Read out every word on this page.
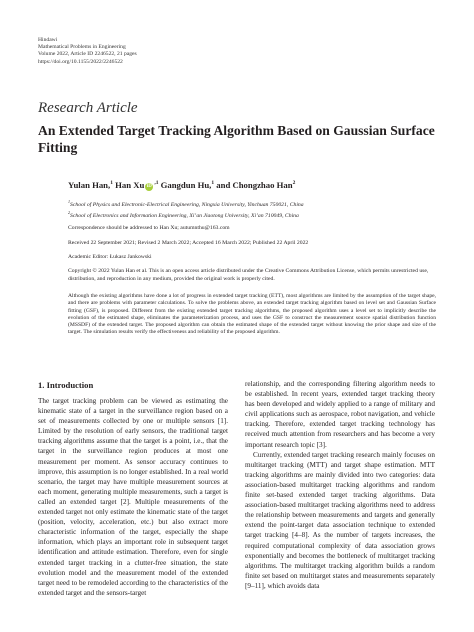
Hindawi
Mathematical Problems in Engineering
Volume 2022, Article ID 2246522, 21 pages
https://doi.org/10.1155/2022/2246522
Research Article
An Extended Target Tracking Algorithm Based on Gaussian Surface Fitting
Yulan Han,$^1$ Han Xu $iD^{,1}$ Gangdun Hu,$^1$ and Chongzhao Han$^2$
$^1$School of Physics and Electronic-Electrical Engineering, Ningxia University, Yinchuan 750021, China
$^2$School of Electronics and Information Engineering, Xi’an Jiaotong University, Xi’an 710049, China
Correspondence should be addressed to Han Xu; autumnthu@163.com
Received 22 September 2021; Revised 2 March 2022; Accepted 16 March 2022; Published 22 April 2022
Academic Editor: Łukasz Jankowski
Copyright © 2022 Yulan Han et al. This is an open access article distributed under the Creative Commons Attribution License, which permits unrestricted use, distribution, and reproduction in any medium, provided the original work is properly cited.
Although the existing algorithms have done a lot of progress in extended target tracking (ETT), most algorithms are limited by the assumption of the target shape, and there are problems with parameter calculations. To solve the problems above, an extended target tracking algorithm based on level set and Gaussian Surface fitting (GSF), is proposed. Different from the existing extended target tracking algorithms, the proposed algorithm uses a level set to implicitly describe the evolution of the estimated shape, eliminates the parameterization process, and uses the GSF to construct the measurement source spatial distribution function (MSSDF) of the extended target. The proposed algorithm can obtain the estimated shape of the extended target without knowing the prior shape and size of the target. The simulation results verify the effectiveness and reliability of the proposed algorithm.
1. Introduction

The target tracking problem can be viewed as estimating the kinematic state of a target in the surveillance region based on a set of measurements collected by one or multiple sensors [1]. Limited by the resolution of early sensors, the traditional target tracking algorithms assume that the target is a point, i.e., that the target in the surveillance region produces at most one measurement per moment. As sensor accuracy continues to improve, this assumption is no longer established. In a real world scenario, the target may have multiple measurement sources at each moment, generating multiple measurements, such a target is called an extended target [2]. Multiple measurements of the extended target not only estimate the kinematic state of the target (position, velocity, acceleration, etc.) but also extract more characteristic information of the target, especially the shape information, which plays an important role in subsequent target identification and attitude estimation. Therefore, even for single extended target tracking in a clutter-free situation, the state evolution model and the measurement model of the extended target need to be remodeled according to the characteristics of the extended target and the sensors-target

relationship, and the corresponding filtering algorithm needs to be established. In recent years, extended target tracking theory has been developed and widely applied to a range of military and civil applications such as aerospace, robot navigation, and vehicle tracking. Therefore, extended target tracking technology has received much attention from researchers and has become a very important research topic [3].

Currently, extended target tracking research mainly focuses on multitarget tracking (MTT) and target shape estimation. MTT tracking algorithms are mainly divided into two categories: data association-based multitarget tracking algorithms and random finite set-based extended target tracking algorithms. Data association-based multitarget tracking algorithms need to address the relationship between measurements and targets and generally extend the point-target data association technique to extended target tracking [4–8]. As the number of targets increases, the required computational complexity of data association grows exponentially and becomes the bottleneck of multitarget tracking algorithms. The multitarget tracking algorithm builds a random finite set based on multitarget states and measurements separately [9–11], which avoids data
